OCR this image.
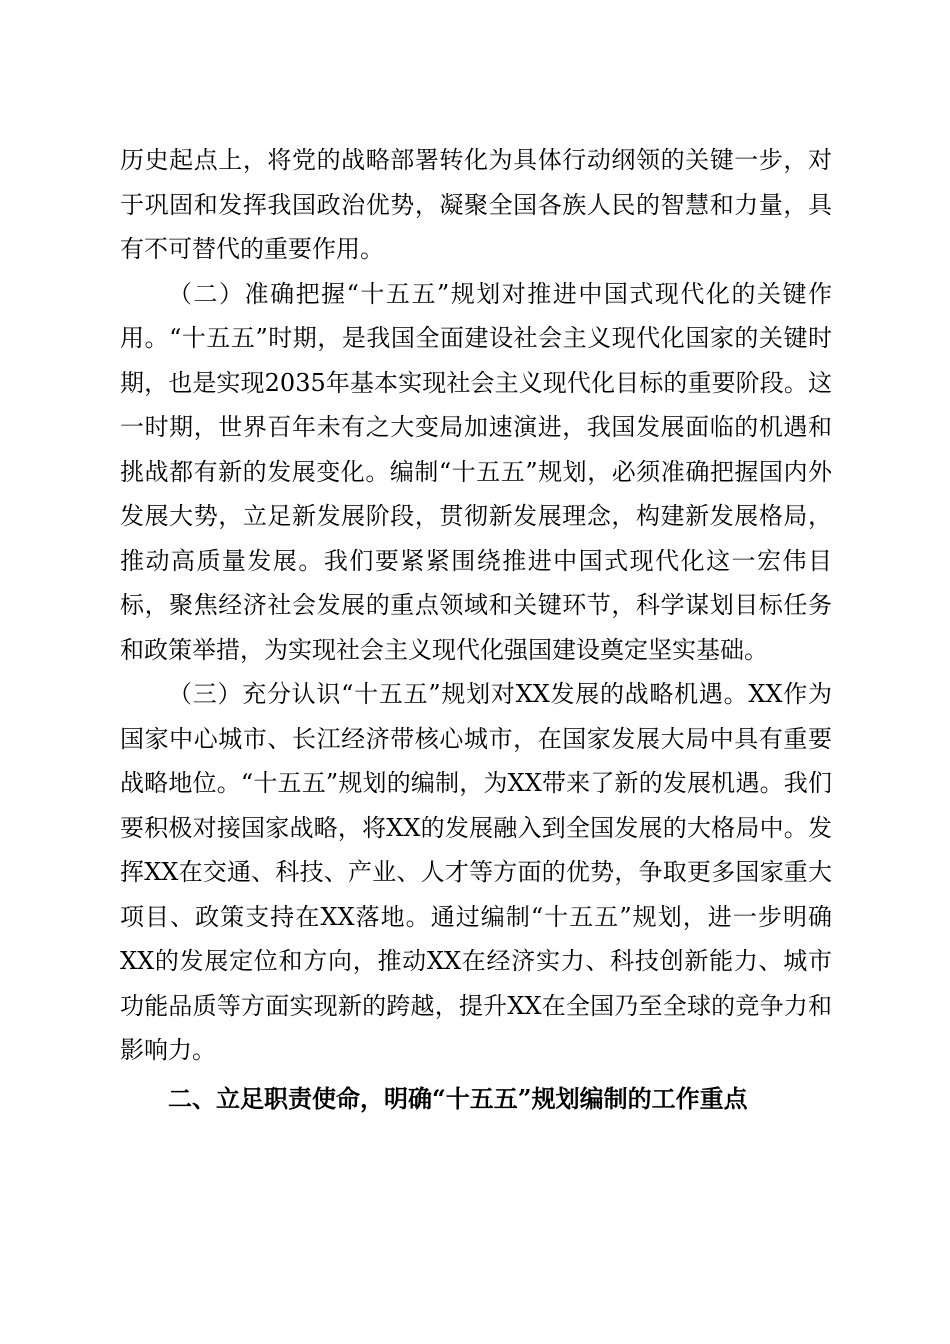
历史起点上，将党的战略部署转化为具体行动纲领的关键一步，对于巩固和发挥我国政治优势，凝聚全国各族人民的智慧和力量，具有不可替代的重要作用。

（二）准确把握“十五五”规划对推进中国式现代化的关键作用。“十五五”时期，是我国全面建设社会主义现代化国家的关键时期，也是实现2035年基本实现社会主义现代化目标的重要阶段。这一时期，世界百年未有之大变局加速演进，我国发展面临的机遇和挑战都有新的发展变化。编制“十五五”规划，必须准确把握国内外发展大势，立足新发展阶段，贯彻新发展理念，构建新发展格局，推动高质量发展。我们要紧紧围绕推进中国式现代化这一宏伟目标，聚焦经济社会发展的重点领域和关键环节，科学谋划目标任务和政策举措，为实现社会主义现代化强国建设奠定坚实基础。

（三）充分认识“十五五”规划对XX发展的战略机遇。XX作为国家中心城市、长江经济带核心城市，在国家发展大局中具有重要战略地位。“十五五”规划的编制，为XX带来了新的发展机遇。我们要积极对接国家战略，将XX的发展融入到全国发展的大格局中。发挥XX在交通、科技、产业、人才等方面的优势，争取更多国家重大项目、政策支持在XX落地。通过编制“十五五”规划，进一步明确XX的发展定位和方向，推动XX在经济实力、科技创新能力、城市功能品质等方面实现新的跨越，提升XX在全国乃至全球的竞争力和影响力。

二、立足职责使命，明确“十五五”规划编制的工作重点
